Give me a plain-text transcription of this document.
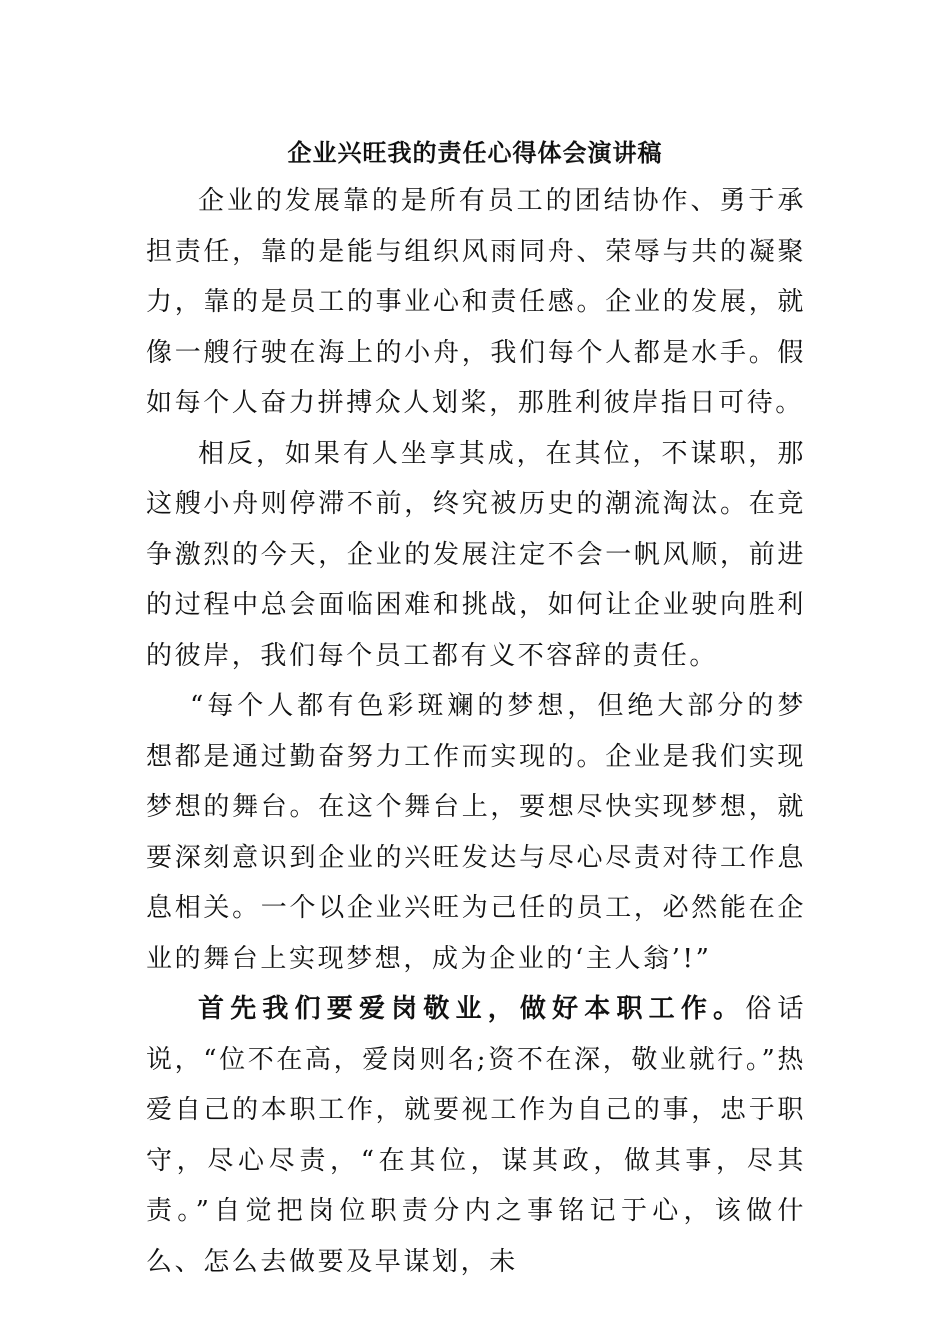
企业兴旺我的责任心得体会演讲稿

企业的发展靠的是所有员工的团结协作、勇于承担责任，靠的是能与组织风雨同舟、荣辱与共的凝聚力，靠的是员工的事业心和责任感。企业的发展，就像一艘行驶在海上的小舟，我们每个人都是水手。假如每个人奋力拼搏众人划桨，那胜利彼岸指日可待。

相反，如果有人坐享其成，在其位，不谋职，那这艘小舟则停滞不前，终究被历史的潮流淘汰。在竞争激烈的今天，企业的发展注定不会一帆风顺，前进的过程中总会面临困难和挑战，如何让企业驶向胜利的彼岸，我们每个员工都有义不容辞的责任。

“每个人都有色彩斑斓的梦想，但绝大部分的梦想都是通过勤奋努力工作而实现的。企业是我们实现梦想的舞台。在这个舞台上，要想尽快实现梦想，就要深刻意识到企业的兴旺发达与尽心尽责对待工作息息相关。一个以企业兴旺为己任的员工，必然能在企业的舞台上实现梦想，成为企业的‘主人翁’!”

首先我们要爱岗敬业，做好本职工作。俗话说，“位不在高，爱岗则名;资不在深，敬业就行。”热爱自己的本职工作，就要视工作为自己的事，忠于职守，尽心尽责，“在其位，谋其政，做其事，尽其责。”自觉把岗位职责分内之事铭记于心，该做什么、怎么去做要及早谋划，未
